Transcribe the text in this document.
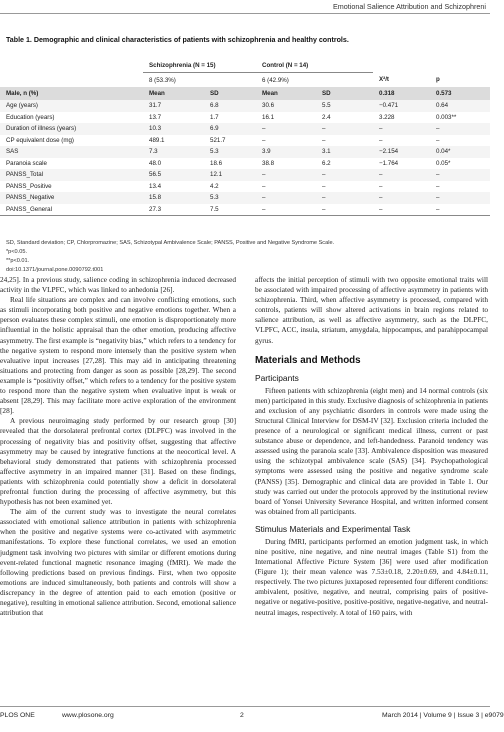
Emotional Salience Attribution and Schizophreni
Table 1. Demographic and clinical characteristics of patients with schizophrenia and healthy controls.
	Schizophrenia (N = 15)		Control (N = 14)			
	8 (53.3%)		6 (42.9%)		X²/t	p
Male, n (%)	Mean	SD	Mean	SD	0.318	0.573
Age (years)	31.7	6.8	30.6	5.5	−0.471	0.64
Education (years)	13.7	1.7	16.1	2.4	3.228	0.003**
Duration of illness (years)	10.3	6.9	–	–	–	–
CP equivalent dose (mg)	489.1	521.7	–	–	–	–
SAS	7.3	5.3	3.9	3.1	−2.154	0.04*
Paranoia scale	48.0	18.6	38.8	6.2	−1.764	0.05*
PANSS_Total	56.5	12.1	–	–	–	–
PANSS_Positive	13.4	4.2	–	–	–	–
PANSS_Negative	15.8	5.3	–	–	–	–
PANSS_General	27.3	7.5	–	–	–	–
SD, Standard deviation; CP, Chlorpromazine; SAS, Schizotypal Ambivalence Scale; PANSS, Positive and Negative Syndrome Scale.
*p<0.05.
**p<0.01.
doi:10.1371/journal.pone.0090792.t001

24,25]. In a previous study, salience coding in schizophrenia induced decreased activity in the VLPFC, which was linked to anhedonia [26].

Real life situations are complex and can involve conflicting emotions, such as stimuli incorporating both positive and negative emotions together. When a person evaluates these complex stimuli, one emotion is disproportionately more influential in the holistic appraisal than the other emotion, producing affective asymmetry. The first example is “negativity bias,” which refers to a tendency for the negative system to respond more intensely than the positive system when evaluative input increases [27,28]. This may aid in anticipating threatening situations and protecting from danger as soon as possible [28,29]. The second example is “positivity offset,” which refers to a tendency for the positive system to respond more than the negative system when evaluative input is weak or absent [28,29]. This may facilitate more active exploration of the environment [28].

A previous neuroimaging study performed by our research group [30] revealed that the dorsolateral prefrontal cortex (DLPFC) was involved in the processing of negativity bias and positivity offset, suggesting that affective asymmetry may be caused by integrative functions at the neocortical level. A behavioral study demonstrated that patients with schizophrenia processed affective asymmetry in an impaired manner [31]. Based on these findings, patients with schizophrenia could potentially show a deficit in dorsolateral prefrontal function during the processing of affective asymmetry, but this hypothesis has not been examined yet.

The aim of the current study was to investigate the neural correlates associated with emotional salience attribution in patients with schizophrenia when the positive and negative systems were co-activated with asymmetric manifestations. To explore these functional correlates, we used an emotion judgment task involving two pictures with similar or different emotions during event-related functional magnetic resonance imaging (fMRI). We made the following predictions based on previous findings. First, when two opposite emotions are induced simultaneously, both patients and controls will show a discrepancy in the degree of attention paid to each emotion (positive or negative), resulting in emotional salience attribution. Second, emotional salience attribution that

affects the initial perception of stimuli with two opposite emotional traits will be associated with impaired processing of affective asymmetry in patients with schizophrenia. Third, when affective asymmetry is processed, compared with controls, patients will show altered activations in brain regions related to salience attribution, as well as affective asymmetry, such as the DLPFC, VLPFC, ACC, insula, striatum, amygdala, hippocampus, and parahippocampal gyrus.

Materials and Methods
Participants

Fifteen patients with schizophrenia (eight men) and 14 normal controls (six men) participated in this study. Exclusive diagnosis of schizophrenia in patients and exclusion of any psychiatric disorders in controls were made using the Structural Clinical Interview for DSM-IV [32]. Exclusion criteria included the presence of a neurological or significant medical illness, current or past substance abuse or dependence, and left-handedness. Paranoid tendency was assessed using the paranoia scale [33]. Ambivalence disposition was measured using the schizotypal ambivalence scale (SAS) [34]. Psychopathological symptoms were assessed using the positive and negative syndrome scale (PANSS) [35]. Demographic and clinical data are provided in Table 1. Our study was carried out under the protocols approved by the institutional review board of Yonsei University Severance Hospital, and written informed consent was obtained from all participants.

Stimulus Materials and Experimental Task

During fMRI, participants performed an emotion judgment task, in which nine positive, nine negative, and nine neutral images (Table S1) from the International Affective Picture System [36] were used after modification (Figure 1); their mean valence was 7.53±0.18, 2.20±0.69, and 4.84±0.11, respectively. The two pictures juxtaposed represented four different conditions: ambivalent, positive, negative, and neutral, comprising pairs of positive-negative or negative-positive, positive-positive, negative-negative, and neutral-neutral images, respectively. A total of 160 pairs, with

PLOS ONE	www.plosone.org	2	March 2014 | Volume 9 | Issue 3 | e9079
